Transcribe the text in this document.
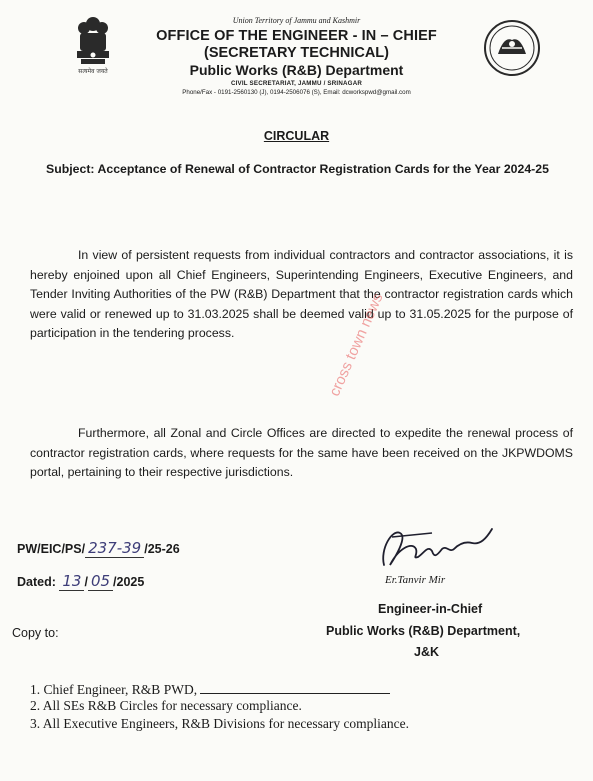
सत्यमेव जयते
Union Territory of Jammu and Kashmir
OFFICE OF THE ENGINEER - IN – CHIEF
(SECRETARY TECHNICAL)
Public Works (R&B) Department
CIVIL SECRETARIAT, JAMMU / SRINAGAR
Phone/Fax - 0191-2560130 (J), 0194-2506076 (S), Email: dcworkspwd@gmail.com
CIRCULAR
Subject: Acceptance of Renewal of Contractor Registration Cards for the Year 2024-25
In view of persistent requests from individual contractors and contractor associations, it is hereby enjoined upon all Chief Engineers, Superintending Engineers, Executive Engineers, and Tender Inviting Authorities of the PW (R&B) Department that the contractor registration cards which were valid or renewed up to 31.03.2025 shall be deemed valid up to 31.05.2025 for the purpose of participation in the tendering process.
Furthermore, all Zonal and Circle Offices are directed to expedite the renewal process of contractor registration cards, where requests for the same have been received on the JKPWDOMS portal, pertaining to their respective jurisdictions.
cross town news
PW/EIC/PS/ 237-39 /25-26
Dated: 13 / 05 /2025	Er.Tanvir Mir
Engineer-in-Chief
Public Works (R&B) Department,
J&K
Copy to:
1. Chief Engineer, R&B PWD,
2. All SEs R&B Circles for necessary compliance.
3. All Executive Engineers, R&B Divisions for necessary compliance.
